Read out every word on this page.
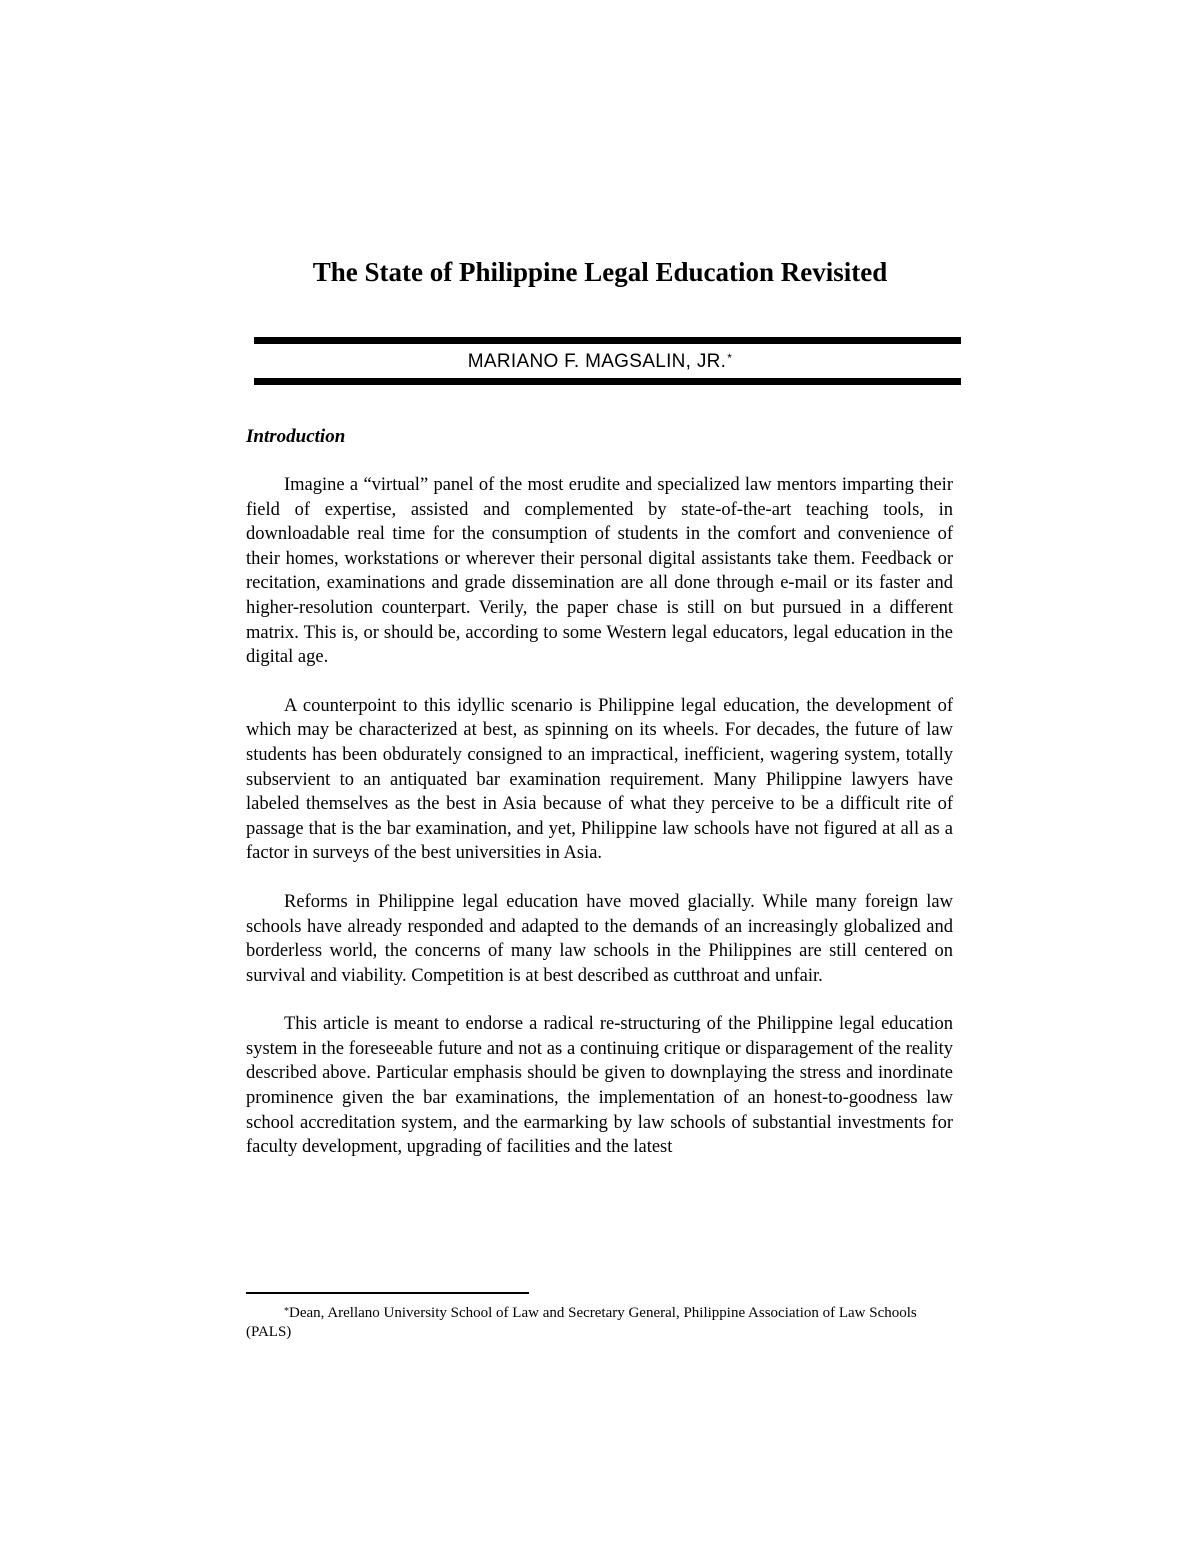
The State of Philippine Legal Education Revisited
MARIANO F. MAGSALIN, JR.*
Introduction

Imagine a “virtual” panel of the most erudite and specialized law mentors imparting their field of expertise, assisted and complemented by state-of-the-art teaching tools, in downloadable real time for the consumption of students in the comfort and convenience of their homes, workstations or wherever their personal digital assistants take them. Feedback or recitation, examinations and grade dissemination are all done through e-mail or its faster and higher-resolution counterpart. Verily, the paper chase is still on but pursued in a different matrix. This is, or should be, according to some Western legal educators, legal education in the digital age.

A counterpoint to this idyllic scenario is Philippine legal education, the development of which may be characterized at best, as spinning on its wheels. For decades, the future of law students has been obdurately consigned to an impractical, inefficient, wagering system, totally subservient to an antiquated bar examination requirement. Many Philippine lawyers have labeled themselves as the best in Asia because of what they perceive to be a difficult rite of passage that is the bar examination, and yet, Philippine law schools have not figured at all as a factor in surveys of the best universities in Asia.

Reforms in Philippine legal education have moved glacially. While many foreign law schools have already responded and adapted to the demands of an increasingly globalized and borderless world, the concerns of many law schools in the Philippines are still centered on survival and viability. Competition is at best described as cutthroat and unfair.

This article is meant to endorse a radical re-structuring of the Philippine legal education system in the foreseeable future and not as a continuing critique or disparagement of the reality described above. Particular emphasis should be given to downplaying the stress and inordinate prominence given the bar examinations, the implementation of an honest-to-goodness law school accreditation system, and the earmarking by law schools of substantial investments for faculty development, upgrading of facilities and the latest

*Dean, Arellano University School of Law and Secretary General, Philippine Association of Law Schools (PALS)
